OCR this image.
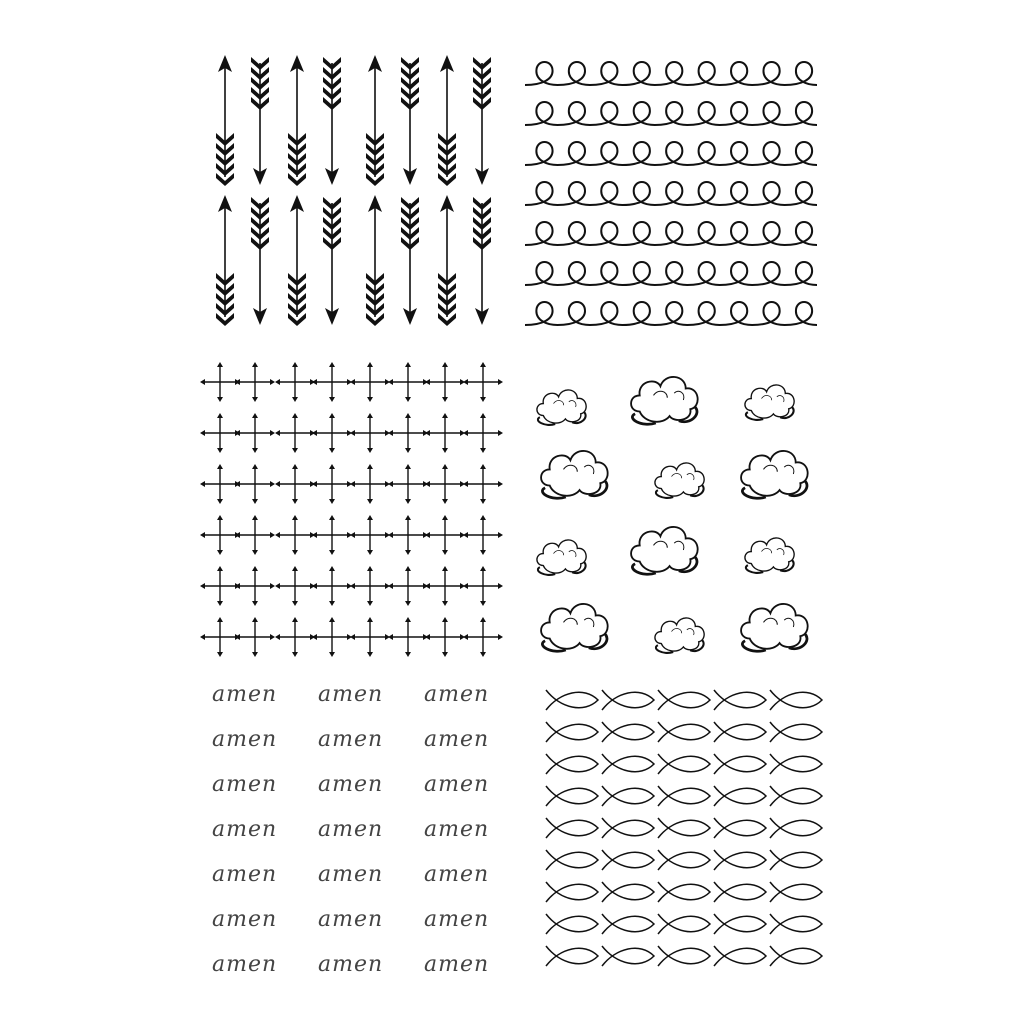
amen amen amen
amen amen amen
amen amen amen
amen amen amen
amen amen amen
amen amen amen
amen amen amen
